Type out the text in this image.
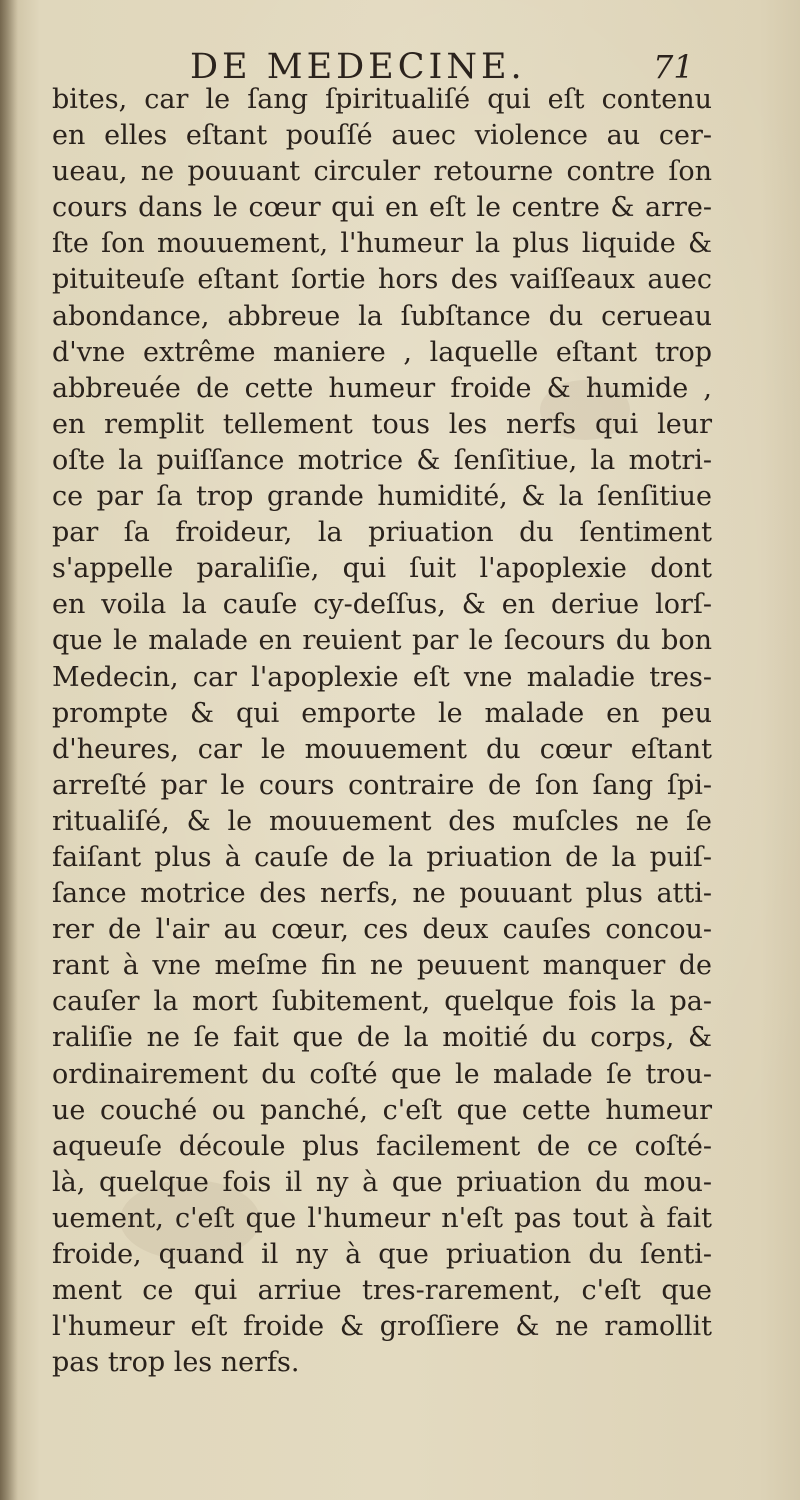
DE MEDECINE.	71
bites, car le ſang ſpiritualiſé qui eſt contenu
en elles eſtant pouſſé auec violence au cer-
ueau, ne pouuant circuler retourne contre ſon
cours dans le cœur qui en eſt le centre & arre-
ſte ſon mouuement, l'humeur la plus liquide &
pituiteuſe eſtant ſortie hors des vaiſſeaux auec
abondance, abbreue la ſubſtance du cerueau
d'vne extrême maniere , laquelle eſtant trop
abbreuée de cette humeur froide & humide ,
en remplit tellement tous les nerfs qui leur
oſte la puiſſance motrice & ſenſitiue, la motri-
ce par ſa trop grande humidité, & la ſenſitiue
par ſa froideur, la priuation du ſentiment
s'appelle paraliſie, qui ſuit l'apoplexie dont
en voila la cauſe cy-deſſus, & en deriue lorſ-
que le malade en reuient par le ſecours du bon
Medecin, car l'apoplexie eſt vne maladie tres-
prompte & qui emporte le malade en peu
d'heures, car le mouuement du cœur eſtant
arreſté par le cours contraire de ſon ſang ſpi-
ritualiſé, & le mouuement des muſcles ne ſe
faiſant plus à cauſe de la priuation de la puiſ-
ſance motrice des nerfs, ne pouuant plus atti-
rer de l'air au cœur, ces deux cauſes concou-
rant à vne meſme fin ne peuuent manquer de
cauſer la mort ſubitement, quelque fois la pa-
raliſie ne ſe fait que de la moitié du corps, &
ordinairement du coſté que le malade ſe trou-
ue couché ou panché, c'eſt que cette humeur
aqueuſe découle plus facilement de ce coſté-
là, quelque fois il ny à que priuation du mou-
uement, c'eſt que l'humeur n'eſt pas tout à fait
froide, quand il ny à que priuation du ſenti-
ment ce qui arriue tres-rarement, c'eſt que
l'humeur eſt froide & groſſiere & ne ramollit
pas trop les nerfs.
